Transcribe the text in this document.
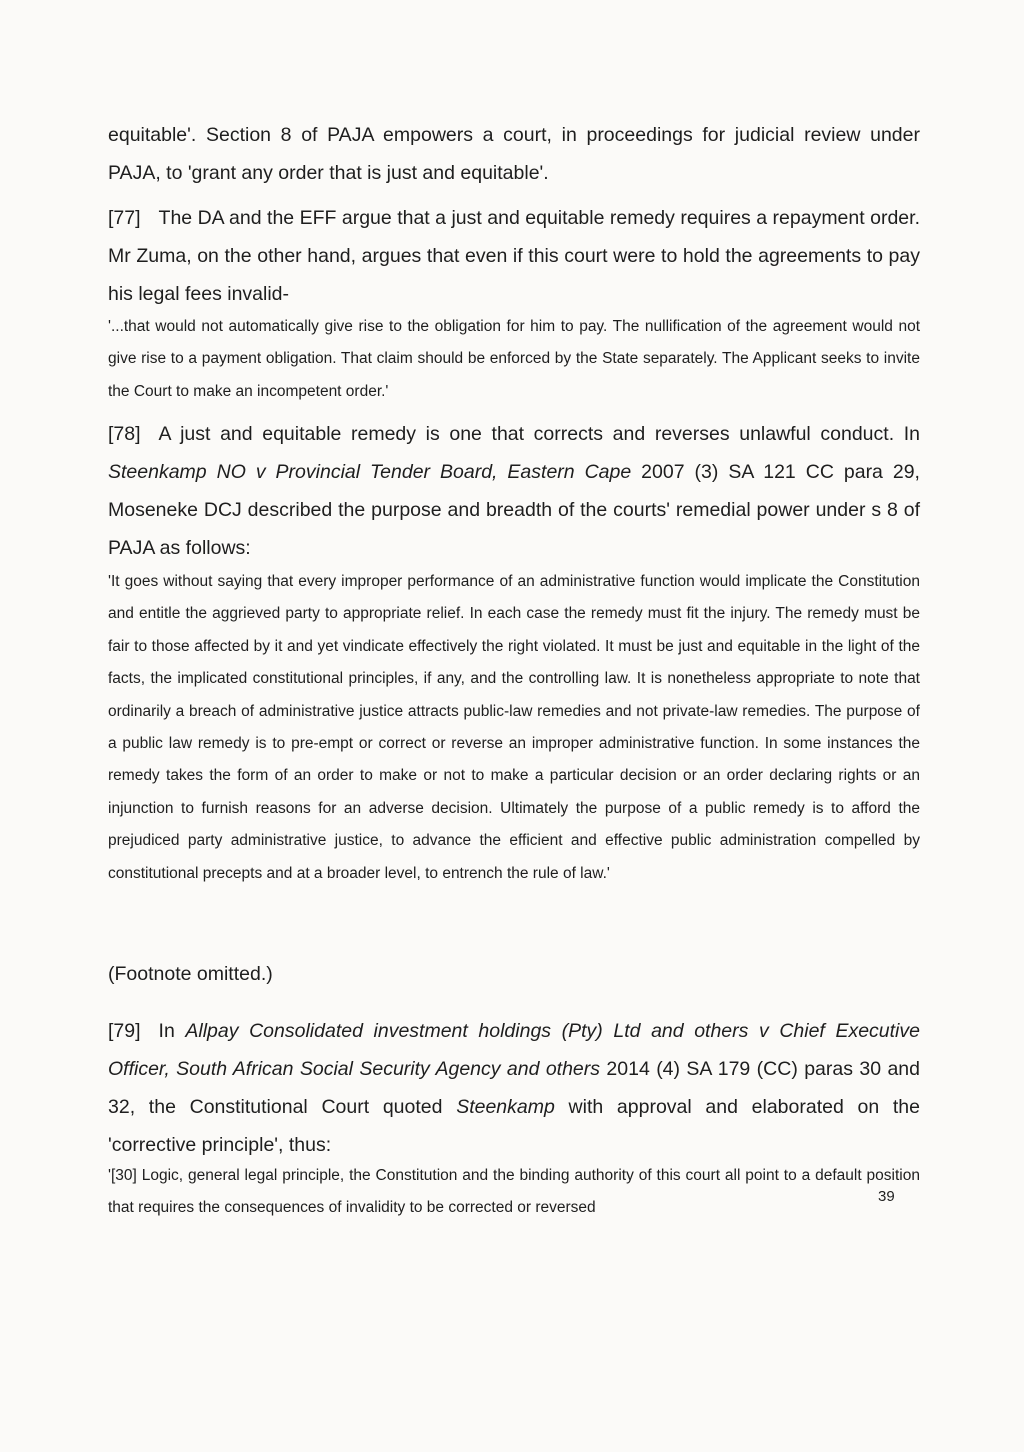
equitable'. Section 8 of PAJA empowers a court, in proceedings for judicial review under PAJA, to 'grant any order that is just and equitable'.

[77] The DA and the EFF argue that a just and equitable remedy requires a repayment order. Mr Zuma, on the other hand, argues that even if this court were to hold the agreements to pay his legal fees invalid-

'...that would not automatically give rise to the obligation for him to pay. The nullification of the agreement would not give rise to a payment obligation. That claim should be enforced by the State separately. The Applicant seeks to invite the Court to make an incompetent order.'

[78] A just and equitable remedy is one that corrects and reverses unlawful conduct. In Steenkamp NO v Provincial Tender Board, Eastern Cape 2007 (3) SA 121 CC para 29, Moseneke DCJ described the purpose and breadth of the courts' remedial power under s 8 of PAJA as follows:

'It goes without saying that every improper performance of an administrative function would implicate the Constitution and entitle the aggrieved party to appropriate relief. In each case the remedy must fit the injury. The remedy must be fair to those affected by it and yet vindicate effectively the right violated. It must be just and equitable in the light of the facts, the implicated constitutional principles, if any, and the controlling law. It is nonetheless appropriate to note that ordinarily a breach of administrative justice attracts public-law remedies and not private-law remedies. The purpose of a public law remedy is to pre-empt or correct or reverse an improper administrative function. In some instances the remedy takes the form of an order to make or not to make a particular decision or an order declaring rights or an injunction to furnish reasons for an adverse decision. Ultimately the purpose of a public remedy is to afford the prejudiced party administrative justice, to advance the efficient and effective public administration compelled by constitutional precepts and at a broader level, to entrench the rule of law.'

(Footnote omitted.)

[79] In Allpay Consolidated investment holdings (Pty) Ltd and others v Chief Executive Officer, South African Social Security Agency and others 2014 (4) SA 179 (CC) paras 30 and 32, the Constitutional Court quoted Steenkamp with approval and elaborated on the 'corrective principle', thus:

'[30] Logic, general legal principle, the Constitution and the binding authority of this court all point to a default position that requires the consequences of invalidity to be corrected or reversed

39
